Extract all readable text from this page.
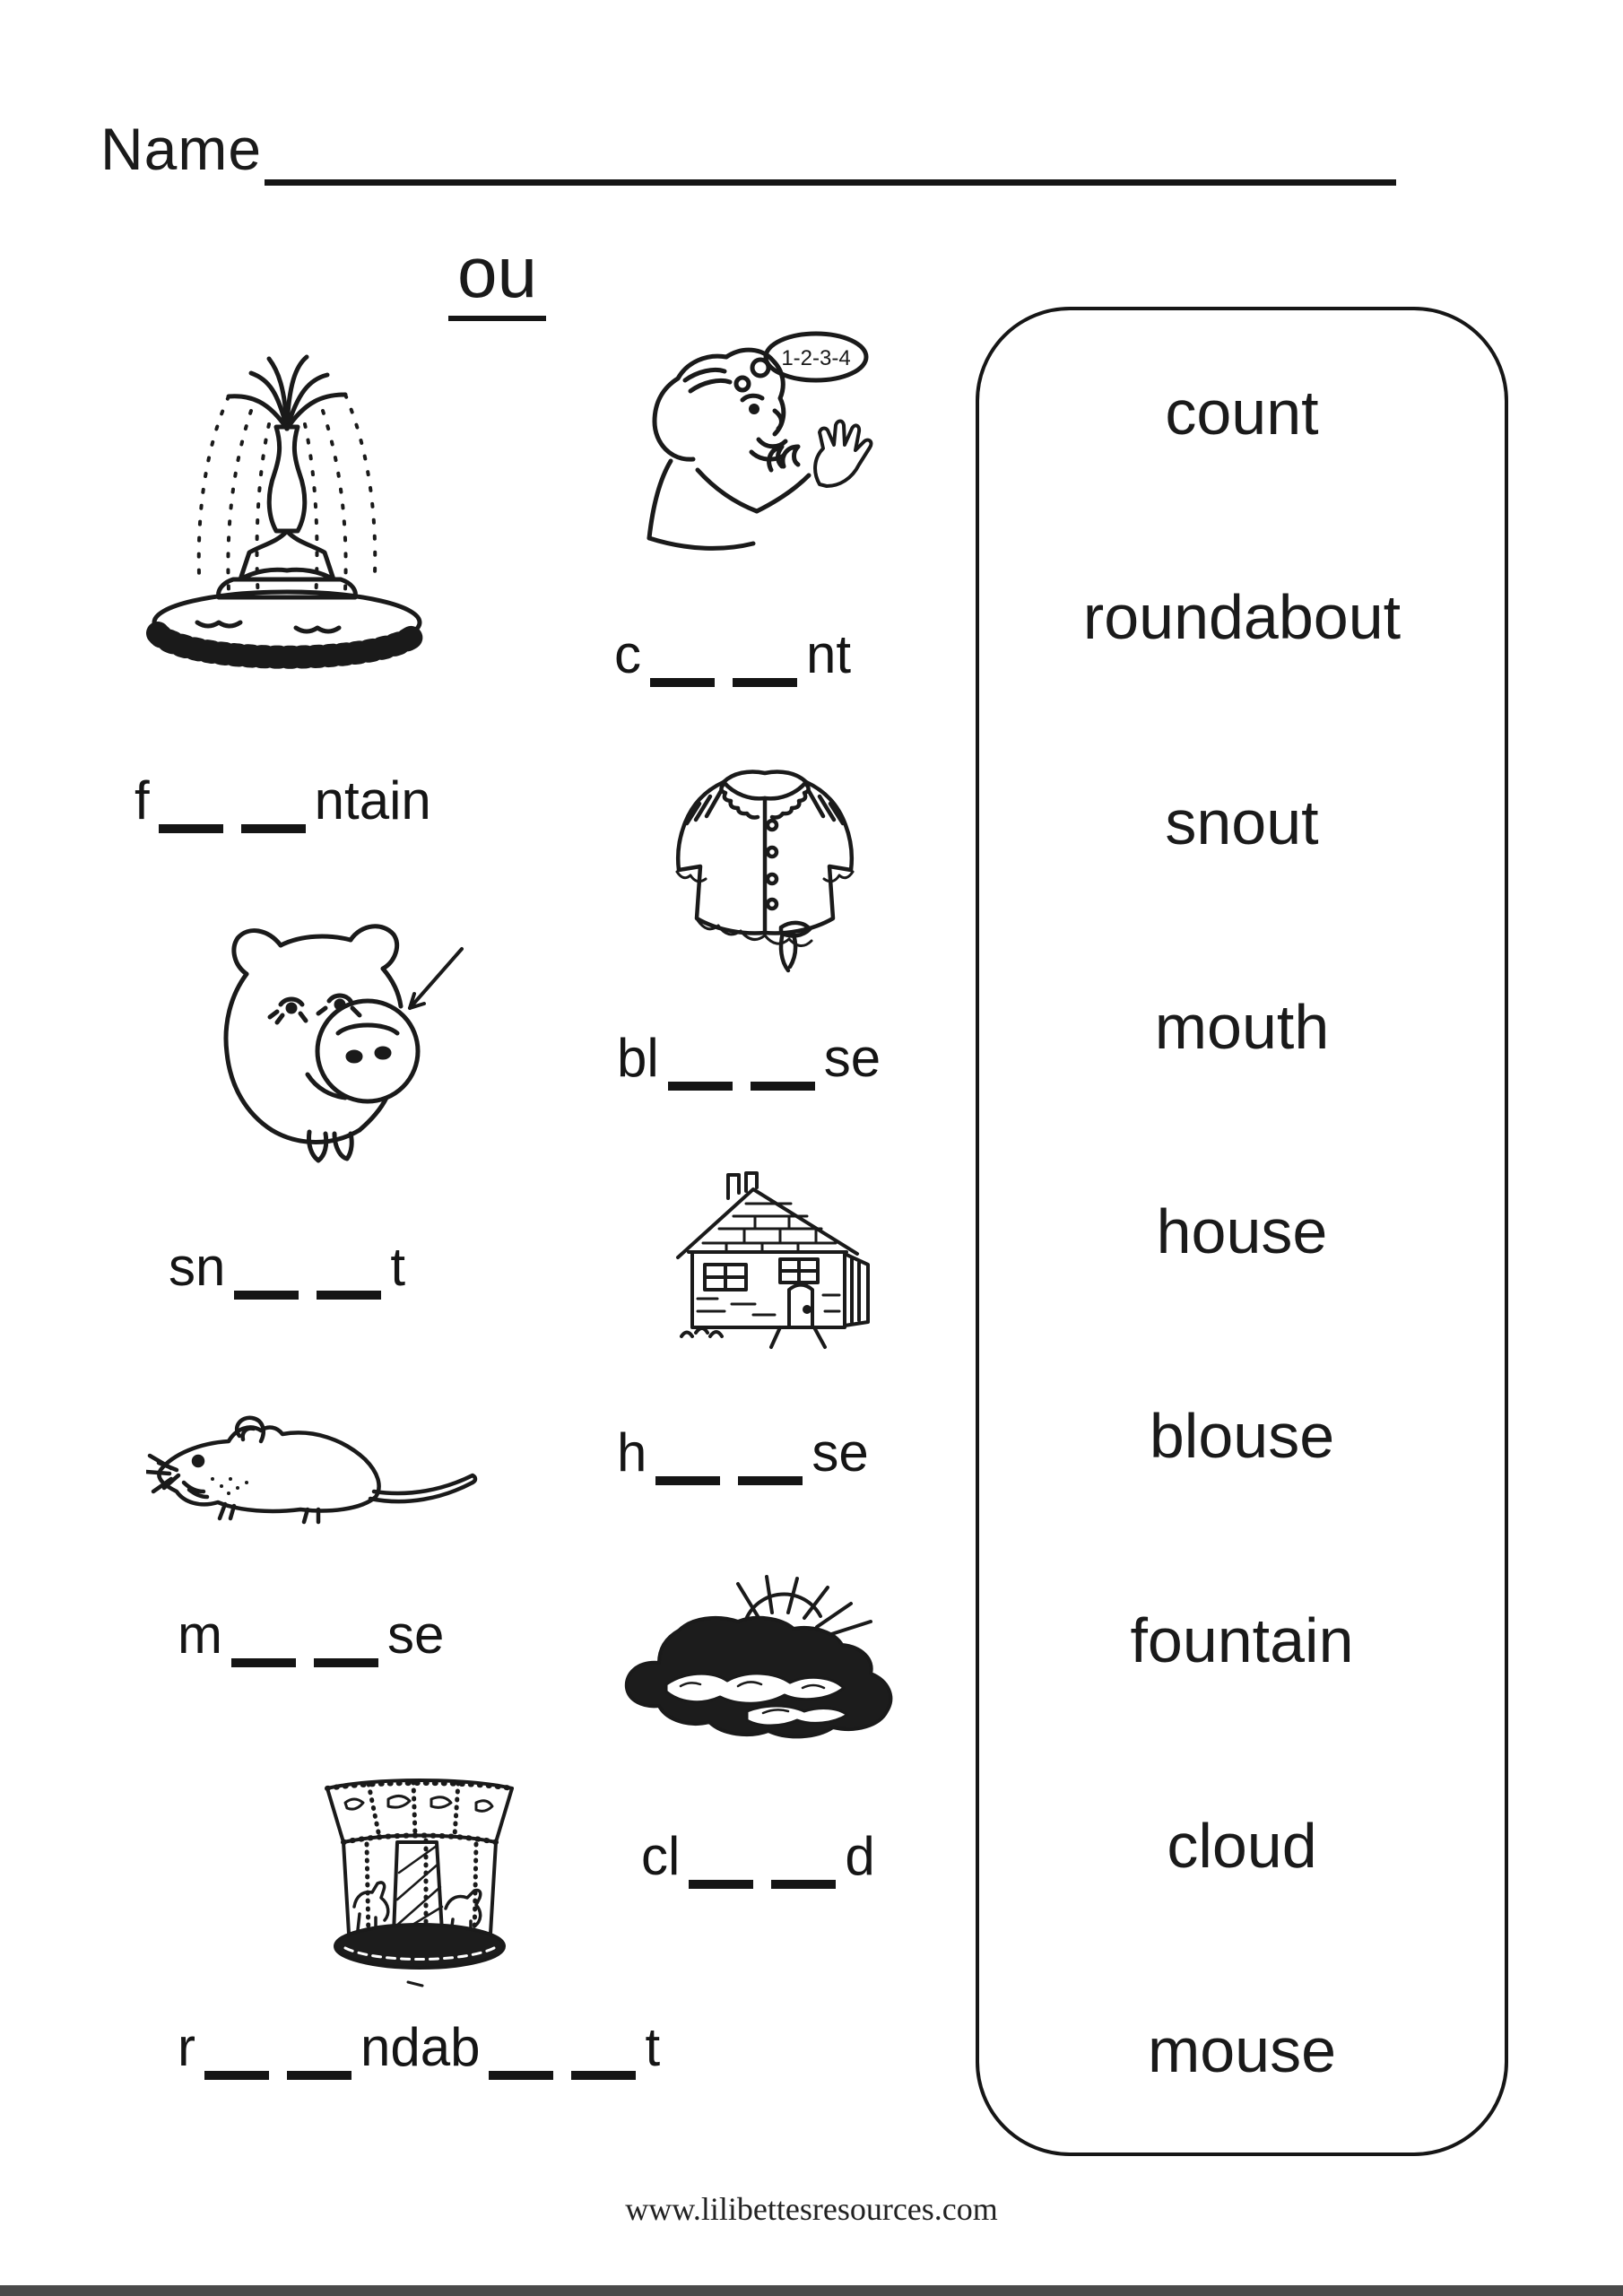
Name
ou
f	ntain
1-2-3-4
c	nt
bl	se
sn	t
h	se
m	se
cl	d
r	ndab	t
count
roundabout
snout
mouth
house
blouse
fountain
cloud
mouse
www.lilibettesresources.com
